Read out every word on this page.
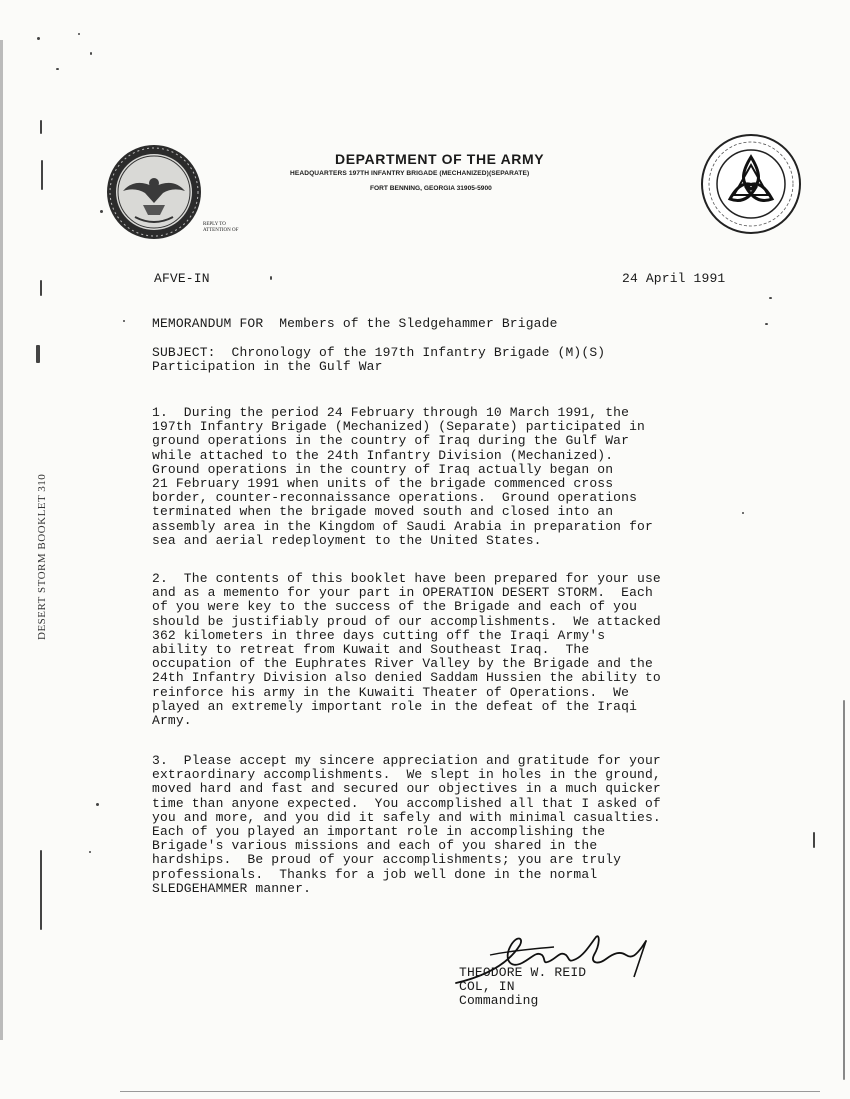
DEPARTMENT OF THE ARMY
HEADQUARTERS 197TH INFANTRY BRIGADE (MECHANIZED)(SEPARATE)
FORT BENNING, GEORGIA 31905-5900
REPLY TO
ATTENTION OF
AFVE-IN	24 April 1991
MEMORANDUM FOR  Members of the Sledgehammer Brigade
SUBJECT:  Chronology of the 197th Infantry Brigade (M)(S)
Participation in the Gulf War
1.  During the period 24 February through 10 March 1991, the
197th Infantry Brigade (Mechanized) (Separate) participated in
ground operations in the country of Iraq during the Gulf War
while attached to the 24th Infantry Division (Mechanized).
Ground operations in the country of Iraq actually began on
21 February 1991 when units of the brigade commenced cross
border, counter-reconnaissance operations.  Ground operations
terminated when the brigade moved south and closed into an
assembly area in the Kingdom of Saudi Arabia in preparation for
sea and aerial redeployment to the United States.
2.  The contents of this booklet have been prepared for your use
and as a memento for your part in OPERATION DESERT STORM.  Each
of you were key to the success of the Brigade and each of you
should be justifiably proud of our accomplishments.  We attacked
362 kilometers in three days cutting off the Iraqi Army's
ability to retreat from Kuwait and Southeast Iraq.  The
occupation of the Euphrates River Valley by the Brigade and the
24th Infantry Division also denied Saddam Hussien the ability to
reinforce his army in the Kuwaiti Theater of Operations.  We
played an extremely important role in the defeat of the Iraqi
Army.
3.  Please accept my sincere appreciation and gratitude for your
extraordinary accomplishments.  We slept in holes in the ground,
moved hard and fast and secured our objectives in a much quicker
time than anyone expected.  You accomplished all that I asked of
you and more, and you did it safely and with minimal casualties.
Each of you played an important role in accomplishing the
Brigade's various missions and each of you shared in the
hardships.  Be proud of your accomplishments; you are truly
professionals.  Thanks for a job well done in the normal
SLEDGEHAMMER manner.
THEODORE W. REID
COL, IN
Commanding
DESERT STORM BOOKLET 310
